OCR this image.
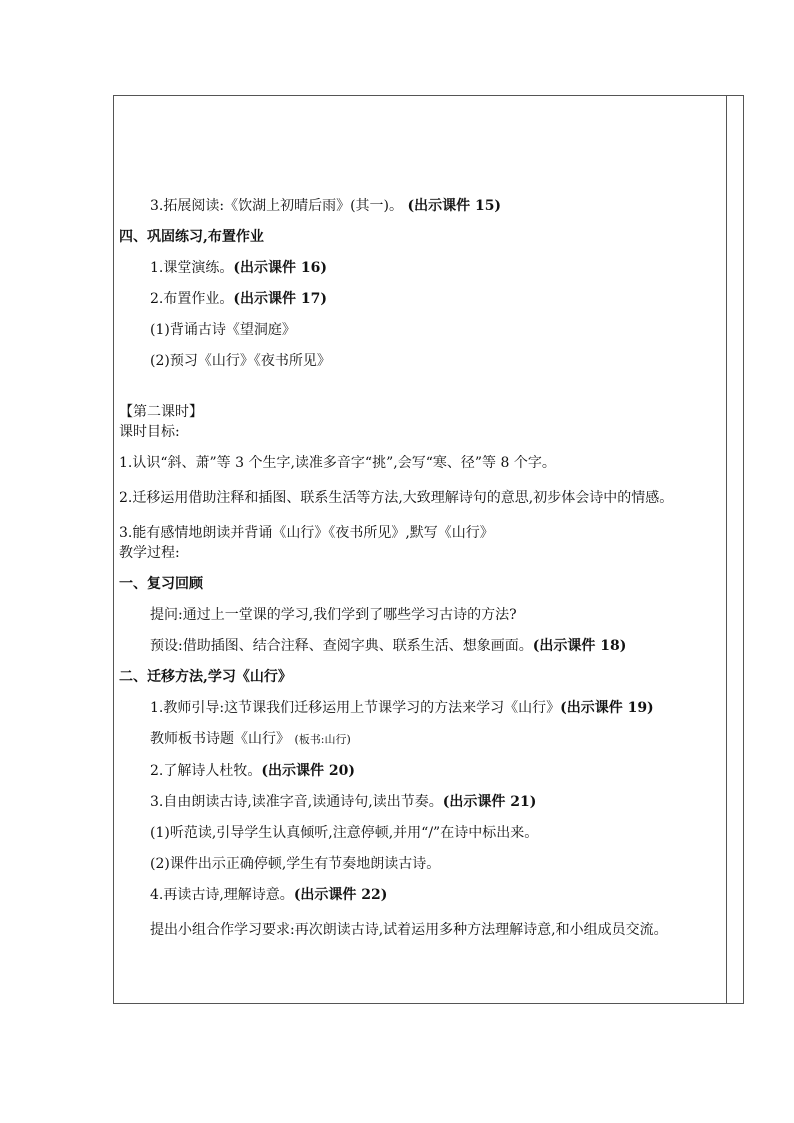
3.拓展阅读:《饮湖上初晴后雨》(其一)。 (出示课件 15)
四、巩固练习,布置作业
1.课堂演练。(出示课件 16)
2.布置作业。(出示课件 17)
(1)背诵古诗《望洞庭》
(2)预习《山行》《夜书所见》
【第二课时】
课时目标:
1.认识“斜、萧”等 3 个生字,读准多音字“挑”,会写“寒、径”等 8 个字。
2.迁移运用借助注释和插图、联系生活等方法,大致理解诗句的意思,初步体会诗中的情感。
3.能有感情地朗读并背诵《山行》《夜书所见》,默写《山行》
教学过程:
一、复习回顾
提问:通过上一堂课的学习,我们学到了哪些学习古诗的方法?
预设:借助插图、结合注释、查阅字典、联系生活、想象画面。(出示课件 18)
二、迁移方法,学习《山行》
1.教师引导:这节课我们迁移运用上节课学习的方法来学习《山行》(出示课件 19)
教师板书诗题《山行》 (板书:山行)
2.了解诗人杜牧。(出示课件 20)
3.自由朗读古诗,读准字音,读通诗句,读出节奏。(出示课件 21)
(1)听范读,引导学生认真倾听,注意停顿,并用“/”在诗中标出来。
(2)课件出示正确停顿,学生有节奏地朗读古诗。
4.再读古诗,理解诗意。(出示课件 22)
提出小组合作学习要求:再次朗读古诗,试着运用多种方法理解诗意,和小组成员交流。
